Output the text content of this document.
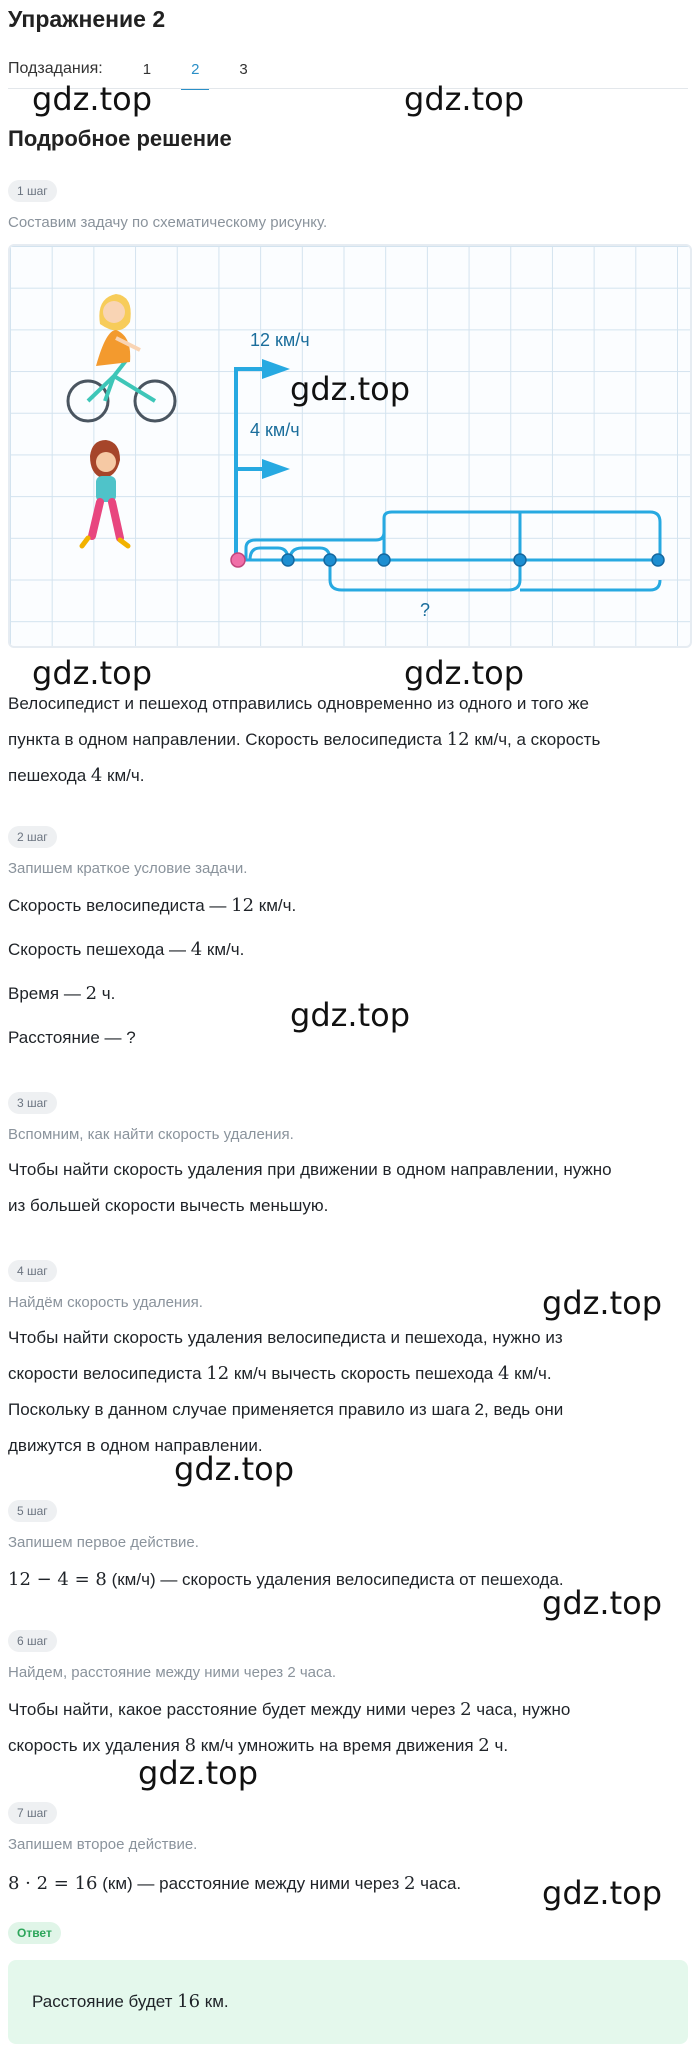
Упражнение 2
Подзадания:	1	2	3
gdz.top	gdz.top
Подробное решение
1 шаг
Составим задачу по схематическому рисунку.
12 км/ч
4 км/ч
?
gdz.top
gdz.top	gdz.top
Велосипедист и пешеход отправились одновременно из одного и того же
пункта в одном направлении. Скорость велосипедиста 12 км/ч, а скорость
пешехода 4 км/ч.
2 шаг
Запишем краткое условие задачи.
Скорость велосипедиста — 12 км/ч.
Скорость пешехода — 4 км/ч.
Время — 2 ч.
gdz.top
Расстояние — ?
3 шаг
Вспомним, как найти скорость удаления.
Чтобы найти скорость удаления при движении в одном направлении, нужно
из большей скорости вычесть меньшую.
4 шаг
Найдём скорость удаления.	gdz.top
Чтобы найти скорость удаления велосипедиста и пешехода, нужно из
скорости велосипедиста 12 км/ч вычесть скорость пешехода 4 км/ч.
Поскольку в данном случае применяется правило из шага 2, ведь они
движутся в одном направлении.
gdz.top
5 шаг
Запишем первое действие.
12 − 4 = 8 (км/ч) — скорость удаления велосипедиста от пешехода.
gdz.top
6 шаг
Найдем, расстояние между ними через 2 часа.
Чтобы найти, какое расстояние будет между ними через 2 часа, нужно
скорость их удаления 8 км/ч умножить на время движения 2 ч.
gdz.top
7 шаг
Запишем второе действие.
8 · 2 = 16 (км) — расстояние между ними через 2 часа.	gdz.top
Ответ
Расстояние будет 16 км.
